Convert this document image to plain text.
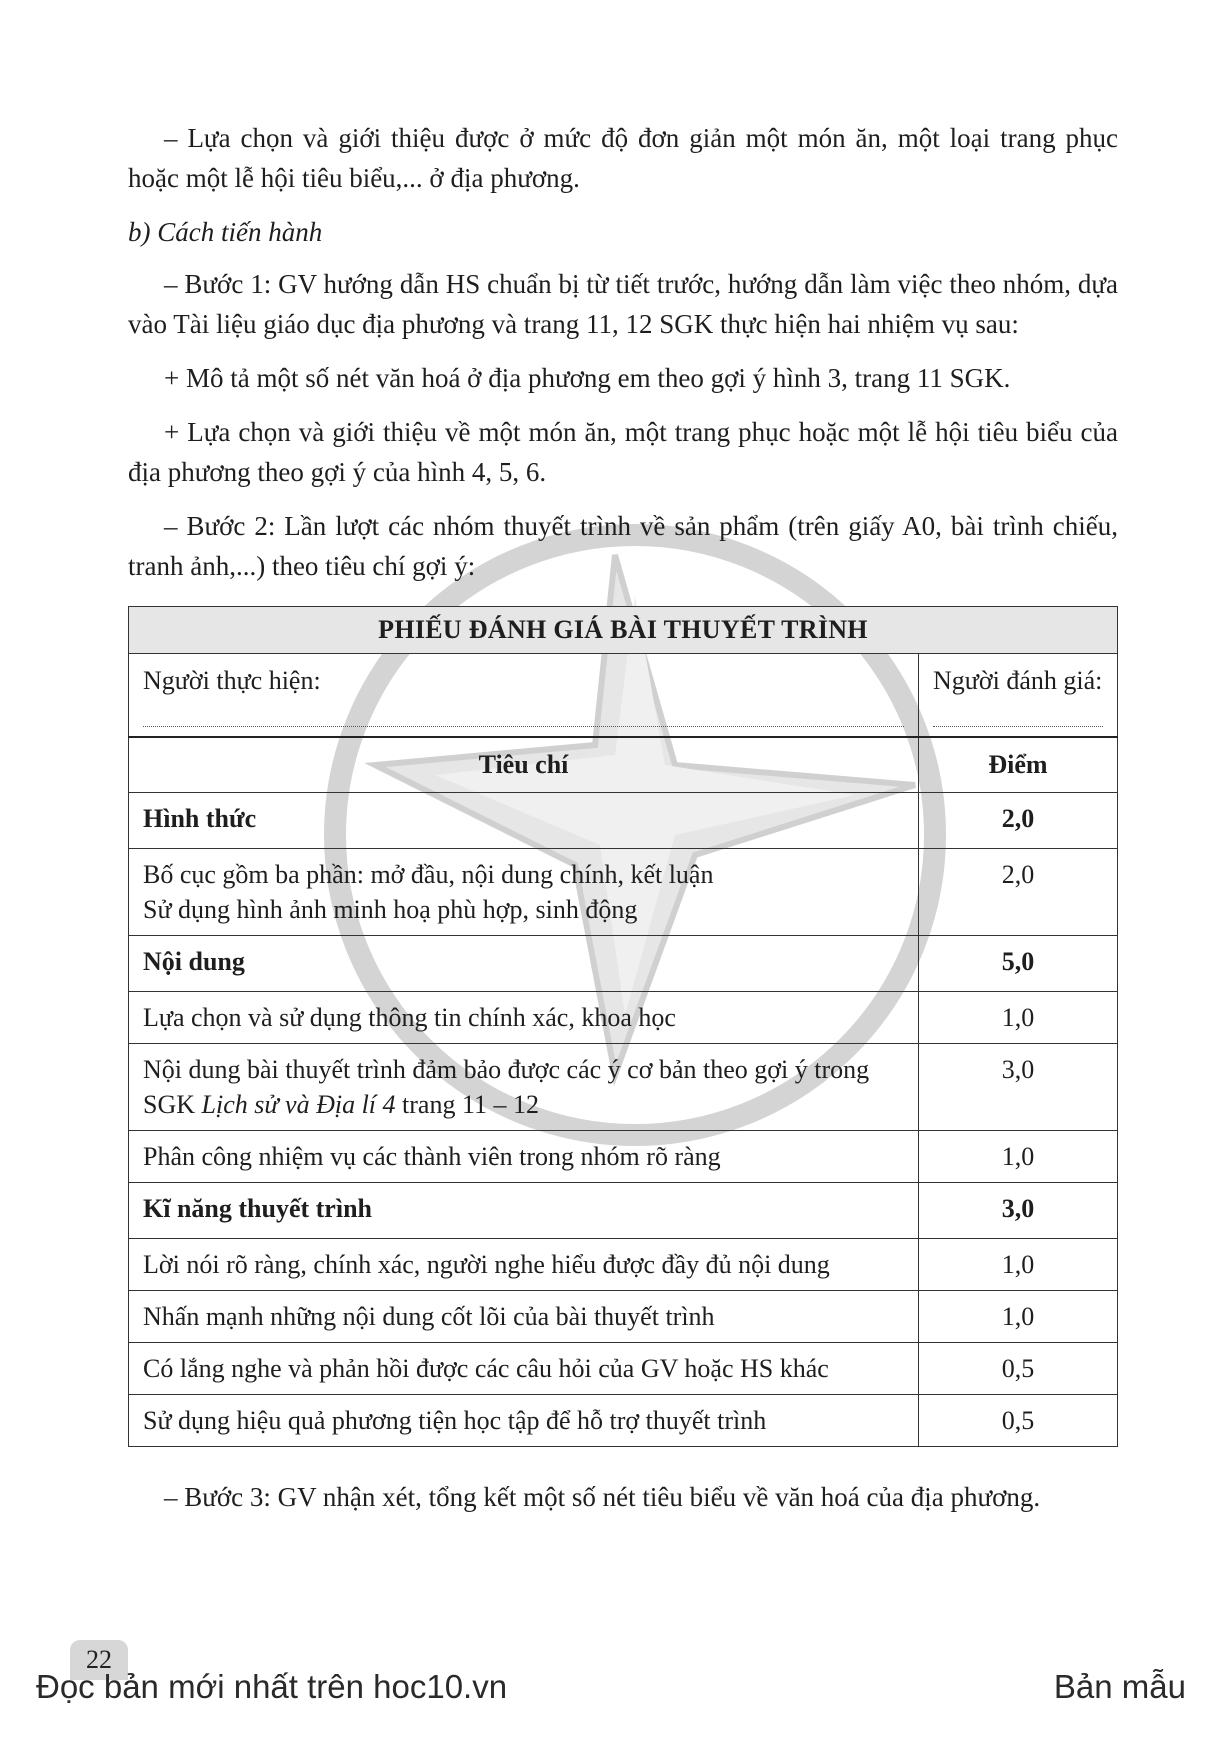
– Lựa chọn và giới thiệu được ở mức độ đơn giản một món ăn, một loại trang phục hoặc một lễ hội tiêu biểu,... ở địa phương.

b) Cách tiến hành

– Bước 1: GV hướng dẫn HS chuẩn bị từ tiết trước, hướng dẫn làm việc theo nhóm, dựa vào Tài liệu giáo dục địa phương và trang 11, 12 SGK thực hiện hai nhiệm vụ sau:

+ Mô tả một số nét văn hoá ở địa phương em theo gợi ý hình 3, trang 11 SGK.

+ Lựa chọn và giới thiệu về một món ăn, một trang phục hoặc một lễ hội tiêu biểu của địa phương theo gợi ý của hình 4, 5, 6.

– Bước 2: Lần lượt các nhóm thuyết trình về sản phẩm (trên giấy A0, bài trình chiếu, tranh ảnh,...) theo tiêu chí gợi ý:

PHIẾU ĐÁNH GIÁ BÀI THUYẾT TRÌNH	

Người thực hiện:	Người đánh giá:

Tiêu chí	Điểm
Hình thức	2,0

Bố cục gồm ba phần: mở đầu, nội dung chính, kết luận
Sử dụng hình ảnh minh hoạ phù hợp, sinh động	2,0
Nội dung	5,0
Lựa chọn và sử dụng thông tin chính xác, khoa học	1,0
Nội dung bài thuyết trình đảm bảo được các ý cơ bản theo gợi ý trong SGK Lịch sử và Địa lí 4 trang 11 – 12	3,0
Phân công nhiệm vụ các thành viên trong nhóm rõ ràng	1,0
Kĩ năng thuyết trình	3,0
Lời nói rõ ràng, chính xác, người nghe hiểu được đầy đủ nội dung	1,0
Nhấn mạnh những nội dung cốt lõi của bài thuyết trình	1,0
Có lắng nghe và phản hồi được các câu hỏi của GV hoặc HS khác	0,5
Sử dụng hiệu quả phương tiện học tập để hỗ trợ thuyết trình	0,5

– Bước 3: GV nhận xét, tổng kết một số nét tiêu biểu về văn hoá của địa phương.

22
Đọc bản mới nhất trên hoc10.vn	Bản mẫu
